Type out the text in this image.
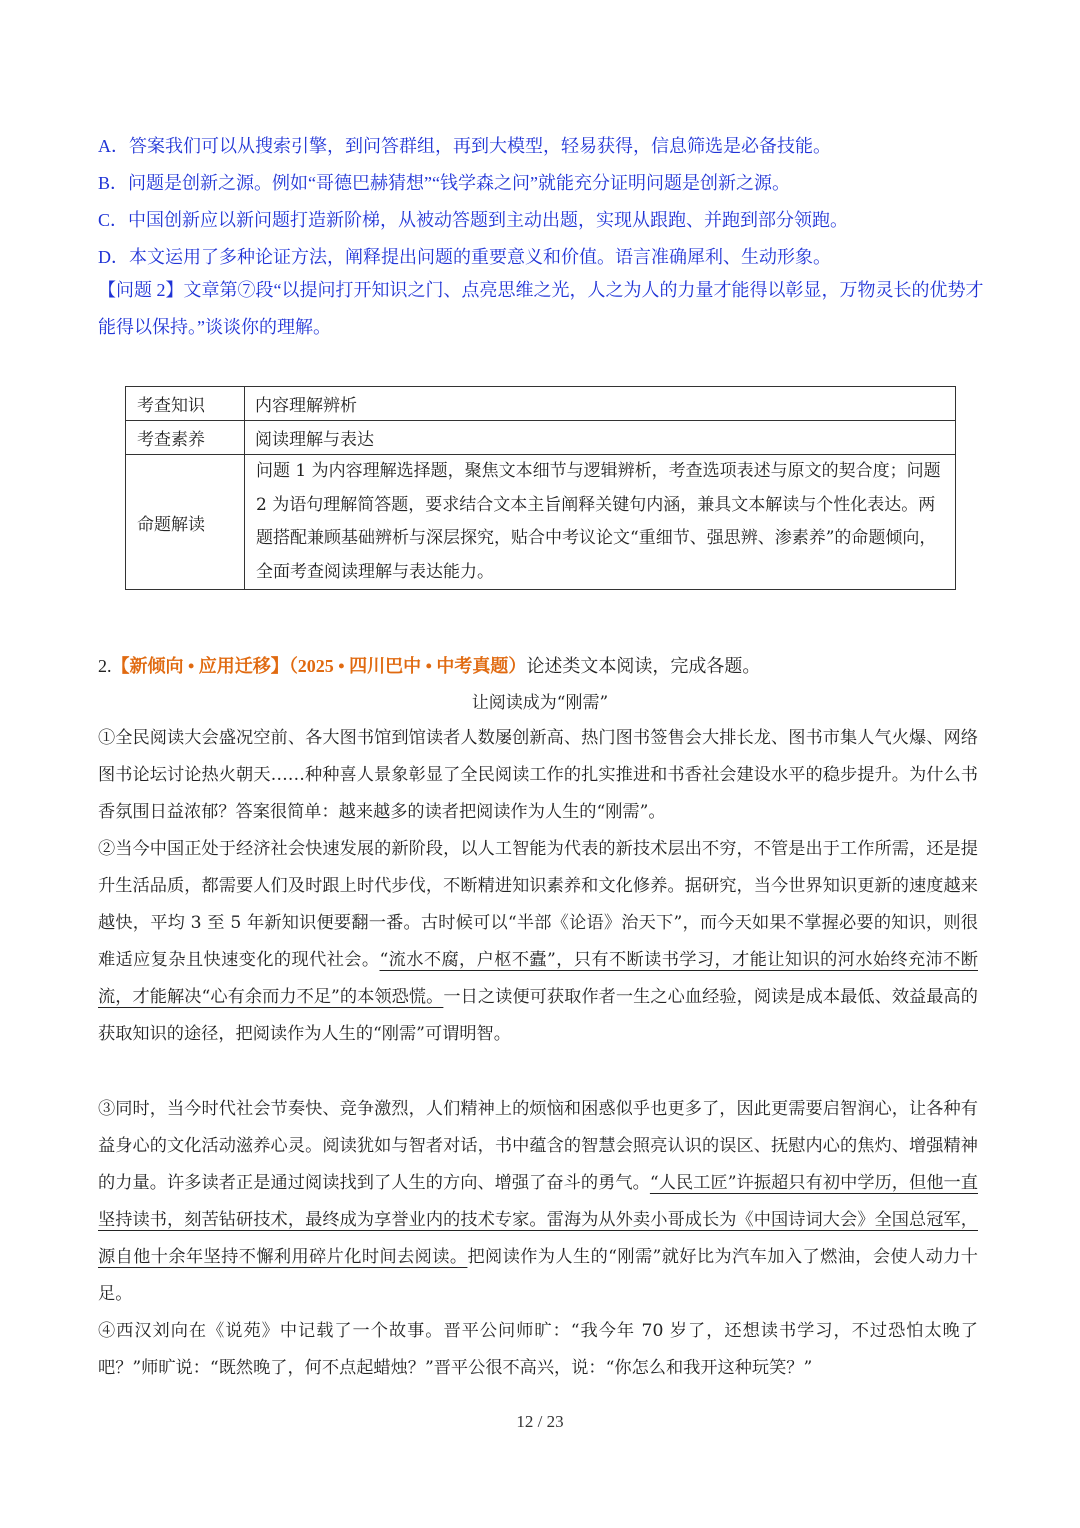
A．答案我们可以从搜索引擎，到问答群组，再到大模型，轻易获得，信息筛选是必备技能。
B．问题是创新之源。例如“哥德巴赫猜想”“钱学森之问”就能充分证明问题是创新之源。
C．中国创新应以新问题打造新阶梯，从被动答题到主动出题，实现从跟跑、并跑到部分领跑。
D．本文运用了多种论证方法，阐释提出问题的重要意义和价值。语言准确犀利、生动形象。
【问题 2】文章第⑦段“以提问打开知识之门、点亮思维之光，人之为人的力量才能得以彰显，万物灵长的优势才能得以保持。”谈谈你的理解。
考查知识	内容理解辨析
考查素养	阅读理解与表达
命题解读	问题 1 为内容理解选择题，聚焦文本细节与逻辑辨析，考查选项表述与原文的契合度；问题 2 为语句理解简答题，要求结合文本主旨阐释关键句内涵，兼具文本解读与个性化表达。两题搭配兼顾基础辨析与深层探究，贴合中考议论文“重细节、强思辨、渗素养”的命题倾向，全面考查阅读理解与表达能力。
2.【新倾向 • 应用迁移】（2025 • 四川巴中 • 中考真题）论述类文本阅读，完成各题。
让阅读成为“刚需”
①全民阅读大会盛况空前、各大图书馆到馆读者人数屡创新高、热门图书签售会大排长龙、图书市集人气火爆、网络图书论坛讨论热火朝天……种种喜人景象彰显了全民阅读工作的扎实推进和书香社会建设水平的稳步提升。为什么书香氛围日益浓郁？答案很简单：越来越多的读者把阅读作为人生的“刚需”。
②当今中国正处于经济社会快速发展的新阶段，以人工智能为代表的新技术层出不穷，不管是出于工作所需，还是提升生活品质，都需要人们及时跟上时代步伐，不断精进知识素养和文化修养。据研究，当今世界知识更新的速度越来越快，平均 3 至 5 年新知识便要翻一番。古时候可以“半部《论语》治天下”，而今天如果不掌握必要的知识，则很难适应复杂且快速变化的现代社会。“流水不腐，户枢不蠹”，只有不断读书学习，才能让知识的河水始终充沛不断流，才能解决“心有余而力不足”的本领恐慌。一日之读便可获取作者一生之心血经验，阅读是成本最低、效益最高的获取知识的途径，把阅读作为人生的“刚需”可谓明智。
③同时，当今时代社会节奏快、竞争激烈，人们精神上的烦恼和困惑似乎也更多了，因此更需要启智润心，让各种有益身心的文化活动滋养心灵。阅读犹如与智者对话，书中蕴含的智慧会照亮认识的误区、抚慰内心的焦灼、增强精神的力量。许多读者正是通过阅读找到了人生的方向、增强了奋斗的勇气。“人民工匠”许振超只有初中学历，但他一直坚持读书，刻苦钻研技术，最终成为享誉业内的技术专家。雷海为从外卖小哥成长为《中国诗词大会》全国总冠军，源自他十余年坚持不懈利用碎片化时间去阅读。把阅读作为人生的“刚需”就好比为汽车加入了燃油，会使人动力十足。
④西汉刘向在《说苑》中记载了一个故事。晋平公问师旷：“我今年 70 岁了，还想读书学习，不过恐怕太晚了吧？”师旷说：“既然晚了，何不点起蜡烛？”晋平公很不高兴，说：“你怎么和我开这种玩笑？”
12 / 23
